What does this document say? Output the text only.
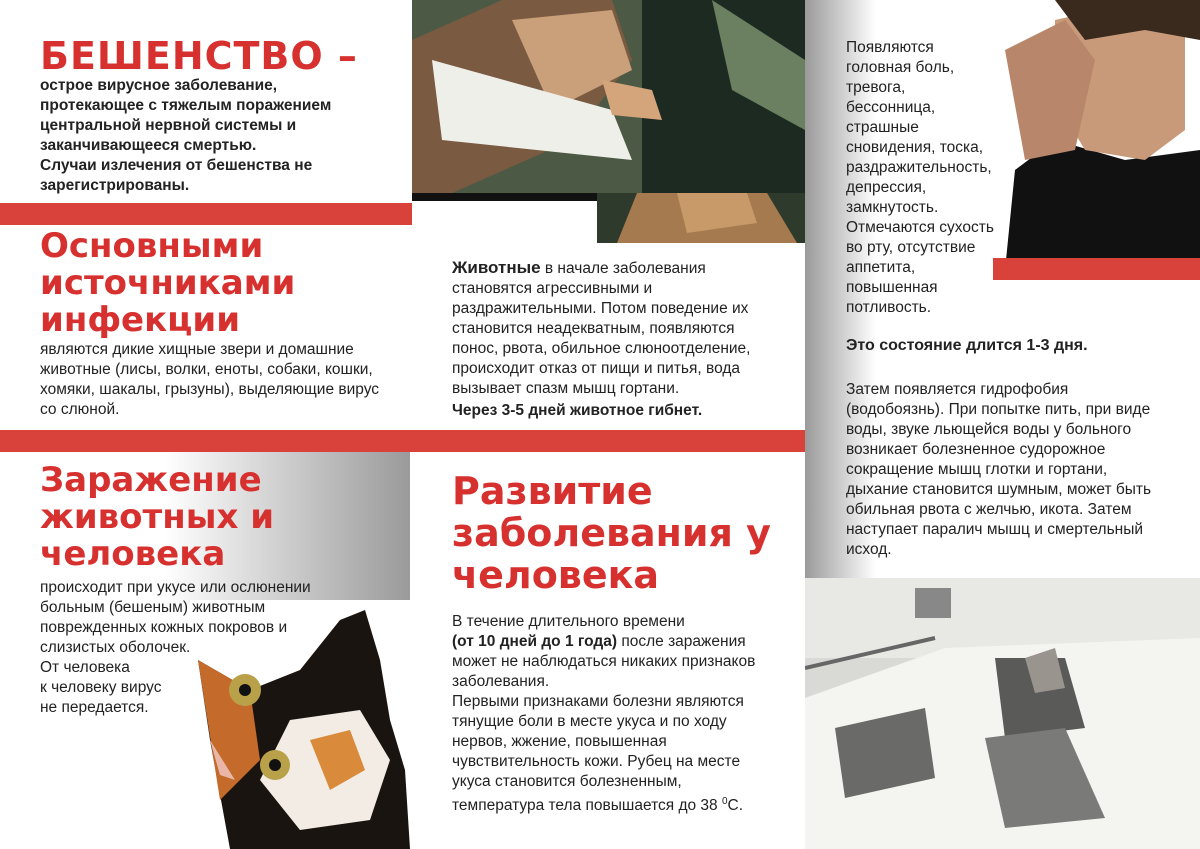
БЕШЕНСТВО –

острое вирусное заболевание, протекающее с тяжелым поражением центральной нервной системы и заканчивающееся смертью.

Случаи излечения от бешенства не зарегистрированы.

Основными источниками инфекции

являются дикие хищные звери и домашние животные (лисы, волки, еноты, собаки, кошки, хомяки, шакалы, грызуны), выделяющие вирус со слюной.

Заражение животных и человека

происходит при укусе или ослюнении больным (бешеным) животным поврежденных кожных покровов и слизистых оболочек.

От человека

к человеку вирус

не передается.

Животные в начале заболевания становятся агрессивными и раздражительными. Потом поведение их становится неадекватным, появляются понос, рвота, обильное слюноотделение, происходит отказ от пищи и питья, вода вызывает спазм мышц гортани.

Через 3-5 дней животное гибнет.

Развитие заболевания у человека

В течение длительного времени
(от 10 дней до 1 года) после заражения может не наблюдаться никаких признаков заболевания.

Первыми признаками болезни являются тянущие боли в месте укуса и по ходу нервов, жжение, повышенная чувствительность кожи. Рубец на месте укуса становится болезненным, температура тела повышается до 38 $^0$С.

Появляются головная боль, тревога, бессонница, страшные сновидения, тоска, раздражительность, депрессия, замкнутость. Отмечаются сухость во рту, отсутствие аппетита, повышенная потливость.

Это состояние длится 1-3 дня.

Затем появляется гидрофобия (водобоязнь). При попытке пить, при виде воды, звуке льющейся воды у больного возникает болезненное судорожное сокращение мышц глотки и гортани, дыхание становится шумным, может быть обильная рвота с желчью, икота. Затем наступает паралич мышц и смертельный исход.
